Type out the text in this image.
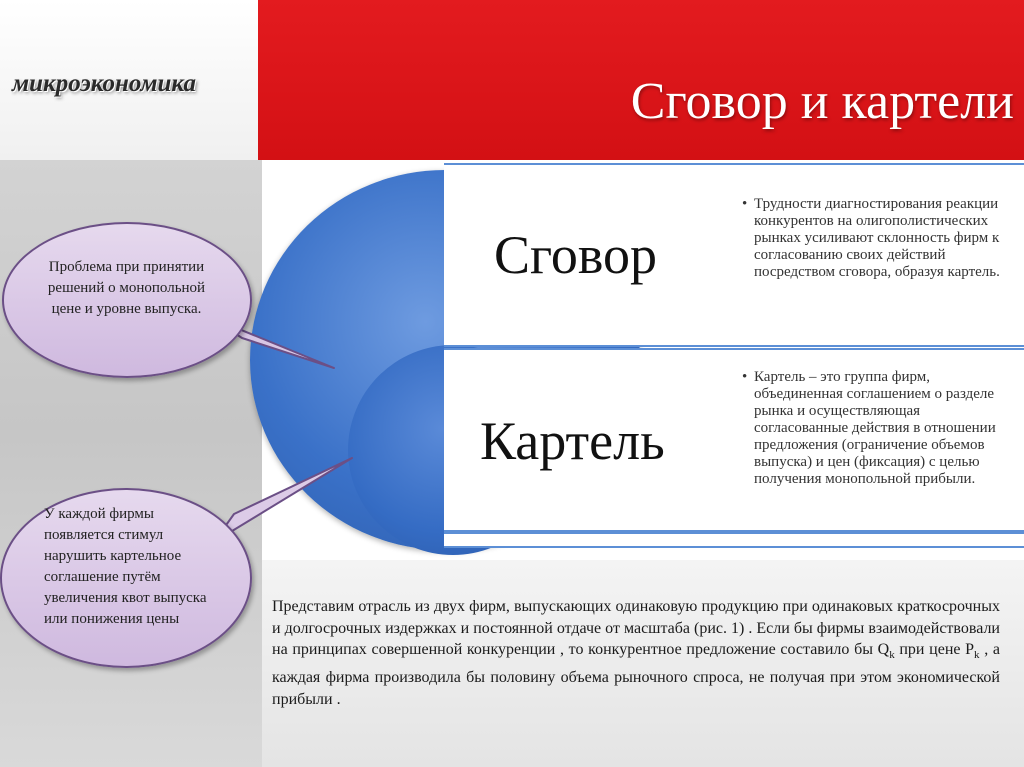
микроэкономика	Сговор и картели
Сговор
Картель
• Трудности диагностирования реакции конкурентов на олигополистических рынках усиливают склонность фирм к согласованию своих действий посредством сговора, образуя картель.
• Картель – это группа фирм, объединенная соглашением о разделе рынка и осуществляющая согласованные действия в отношении предложения (ограничение объемов выпуска) и цен (фиксация) с целью получения монопольной прибыли.
Проблема при принятии решений о монопольной цене и уровне выпуска.
У каждой фирмы появляется стимул нарушить картельное соглашение путём увеличения квот выпуска или понижения цены
Представим отрасль из двух фирм, выпускающих одинаковую продукцию при одинаковых краткосрочных и долгосрочных издержках и постоянной отдаче от масштаба (рис. 1) . Если бы фирмы взаимодействовали на принципах совершенной конкуренции , то конкурентное предложение составило бы $Q_k$ при цене $P_k$ , а каждая фирма производила бы половину объема рыночного спроса, не получая при этом экономической прибыли .
